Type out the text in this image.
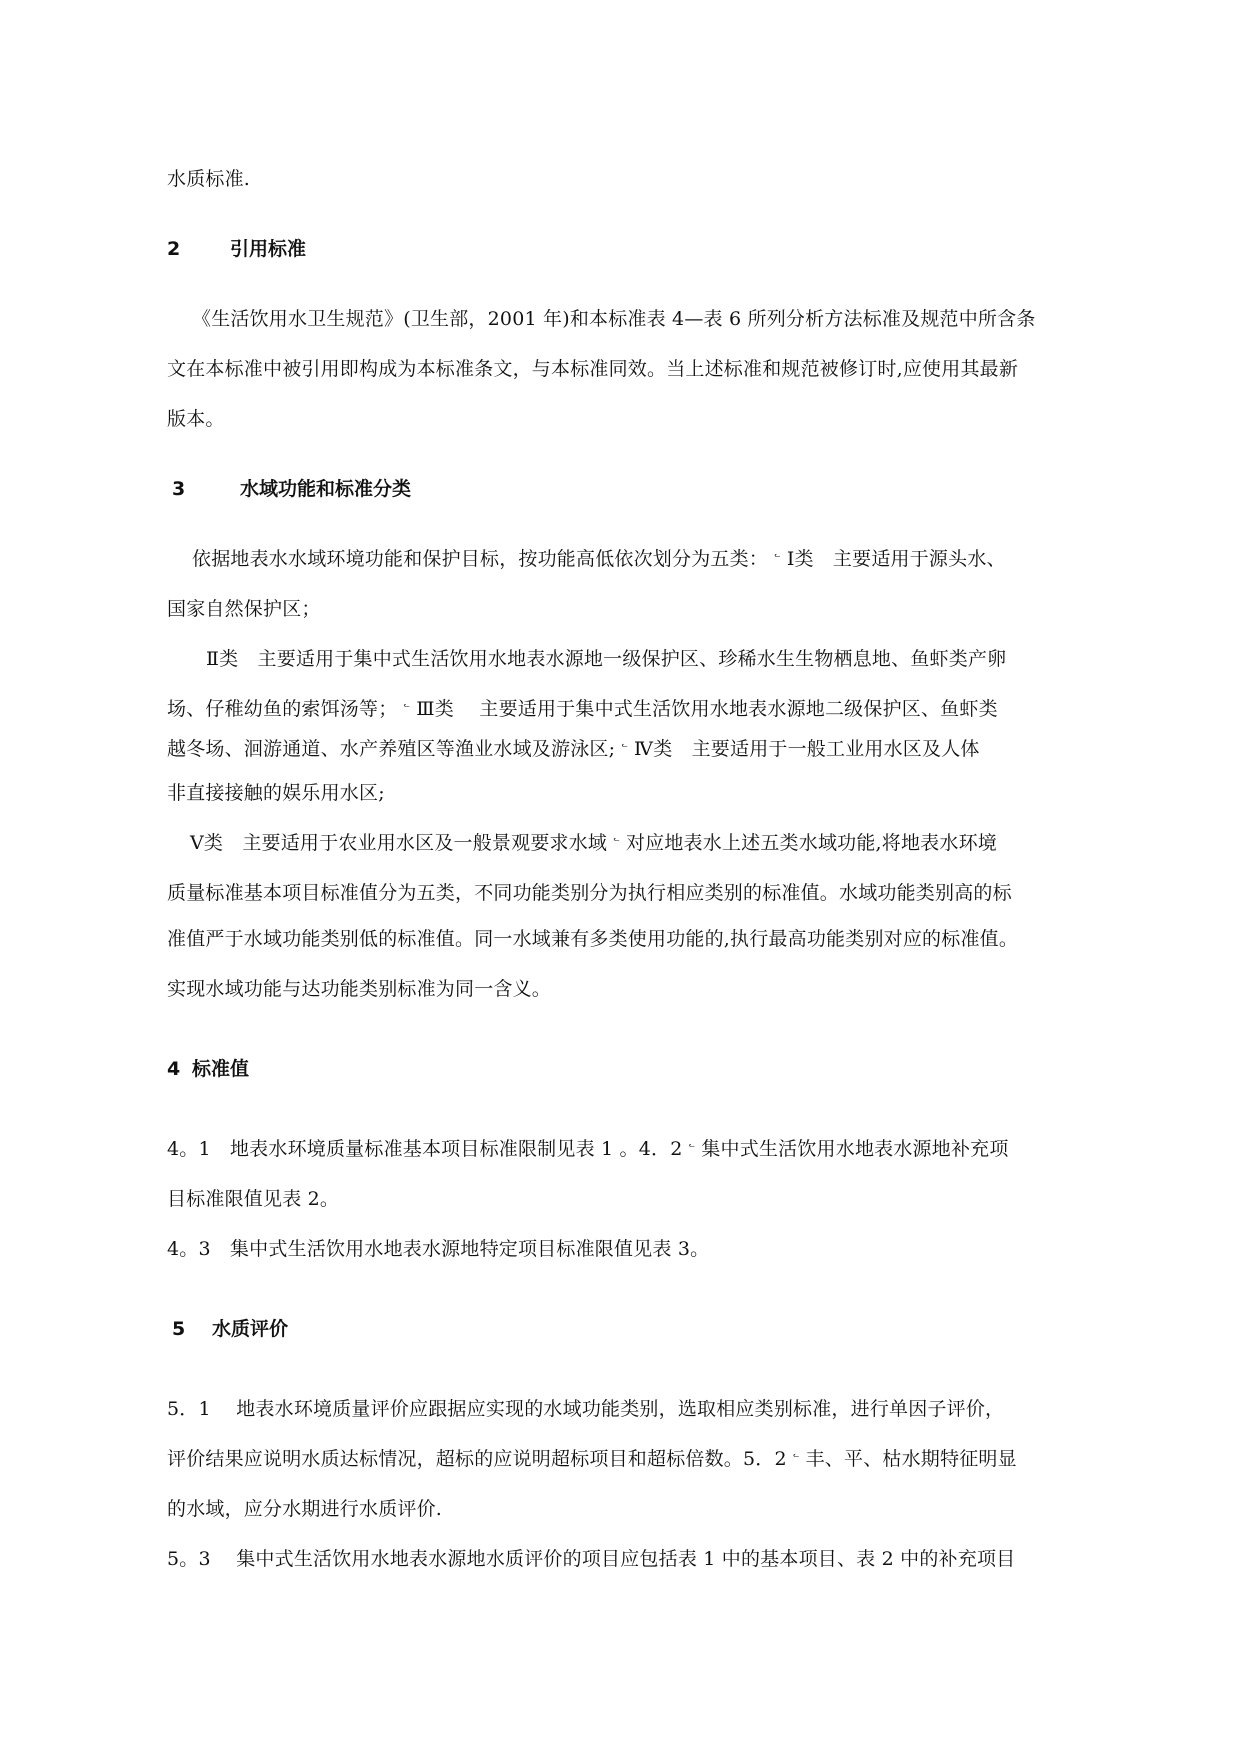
水质标准.
2	引用标准
《生活饮用水卫生规范》(卫生部，2001 年)和本标准表 4—表 6 所列分析方法标准及规范中所含条
文在本标准中被引用即构成为本标准条文，与本标准同效。当上述标准和规范被修订时,应使用其最新
版本。
3	水域功能和标准分类
依据地表水水域环境功能和保护目标，按功能高低依次划分为五类： ᓪ Ⅰ类　主要适用于源头水、
国家自然保护区；
Ⅱ类　主要适用于集中式生活饮用水地表水源地一级保护区、珍稀水生生物栖息地、鱼虾类产卵
场、仔稚幼鱼的索饵汤等； ᓪ Ⅲ类　 主要适用于集中式生活饮用水地表水源地二级保护区、鱼虾类
越冬场、洄游通道、水产养殖区等渔业水域及游泳区; ᓪ Ⅳ类　主要适用于一般工业用水区及人体
非直接接触的娱乐用水区;
Ⅴ类　主要适用于农业用水区及一般景观要求水域 ᓪ 对应地表水上述五类水域功能,将地表水环境
质量标准基本项目标准值分为五类，不同功能类别分为执行相应类别的标准值。水域功能类别高的标
准值严于水域功能类别低的标准值。同一水域兼有多类使用功能的,执行最高功能类别对应的标准值。
实现水域功能与达功能类别标准为同一含义。
4 标准值
4。1　地表水环境质量标准基本项目标准限制见表 1 。4．2 ᓪ 集中式生活饮用水地表水源地补充项
目标准限值见表 2。
4。3　集中式生活饮用水地表水源地特定项目标准限值见表 3。
5 水质评价
5．1　 地表水环境质量评价应跟据应实现的水域功能类别，选取相应类别标准，进行单因子评价，
评价结果应说明水质达标情况，超标的应说明超标项目和超标倍数。5．2 ᓪ 丰、平、枯水期特征明显
的水域，应分水期进行水质评价.
5。3　 集中式生活饮用水地表水源地水质评价的项目应包括表 1 中的基本项目、表 2 中的补充项目
